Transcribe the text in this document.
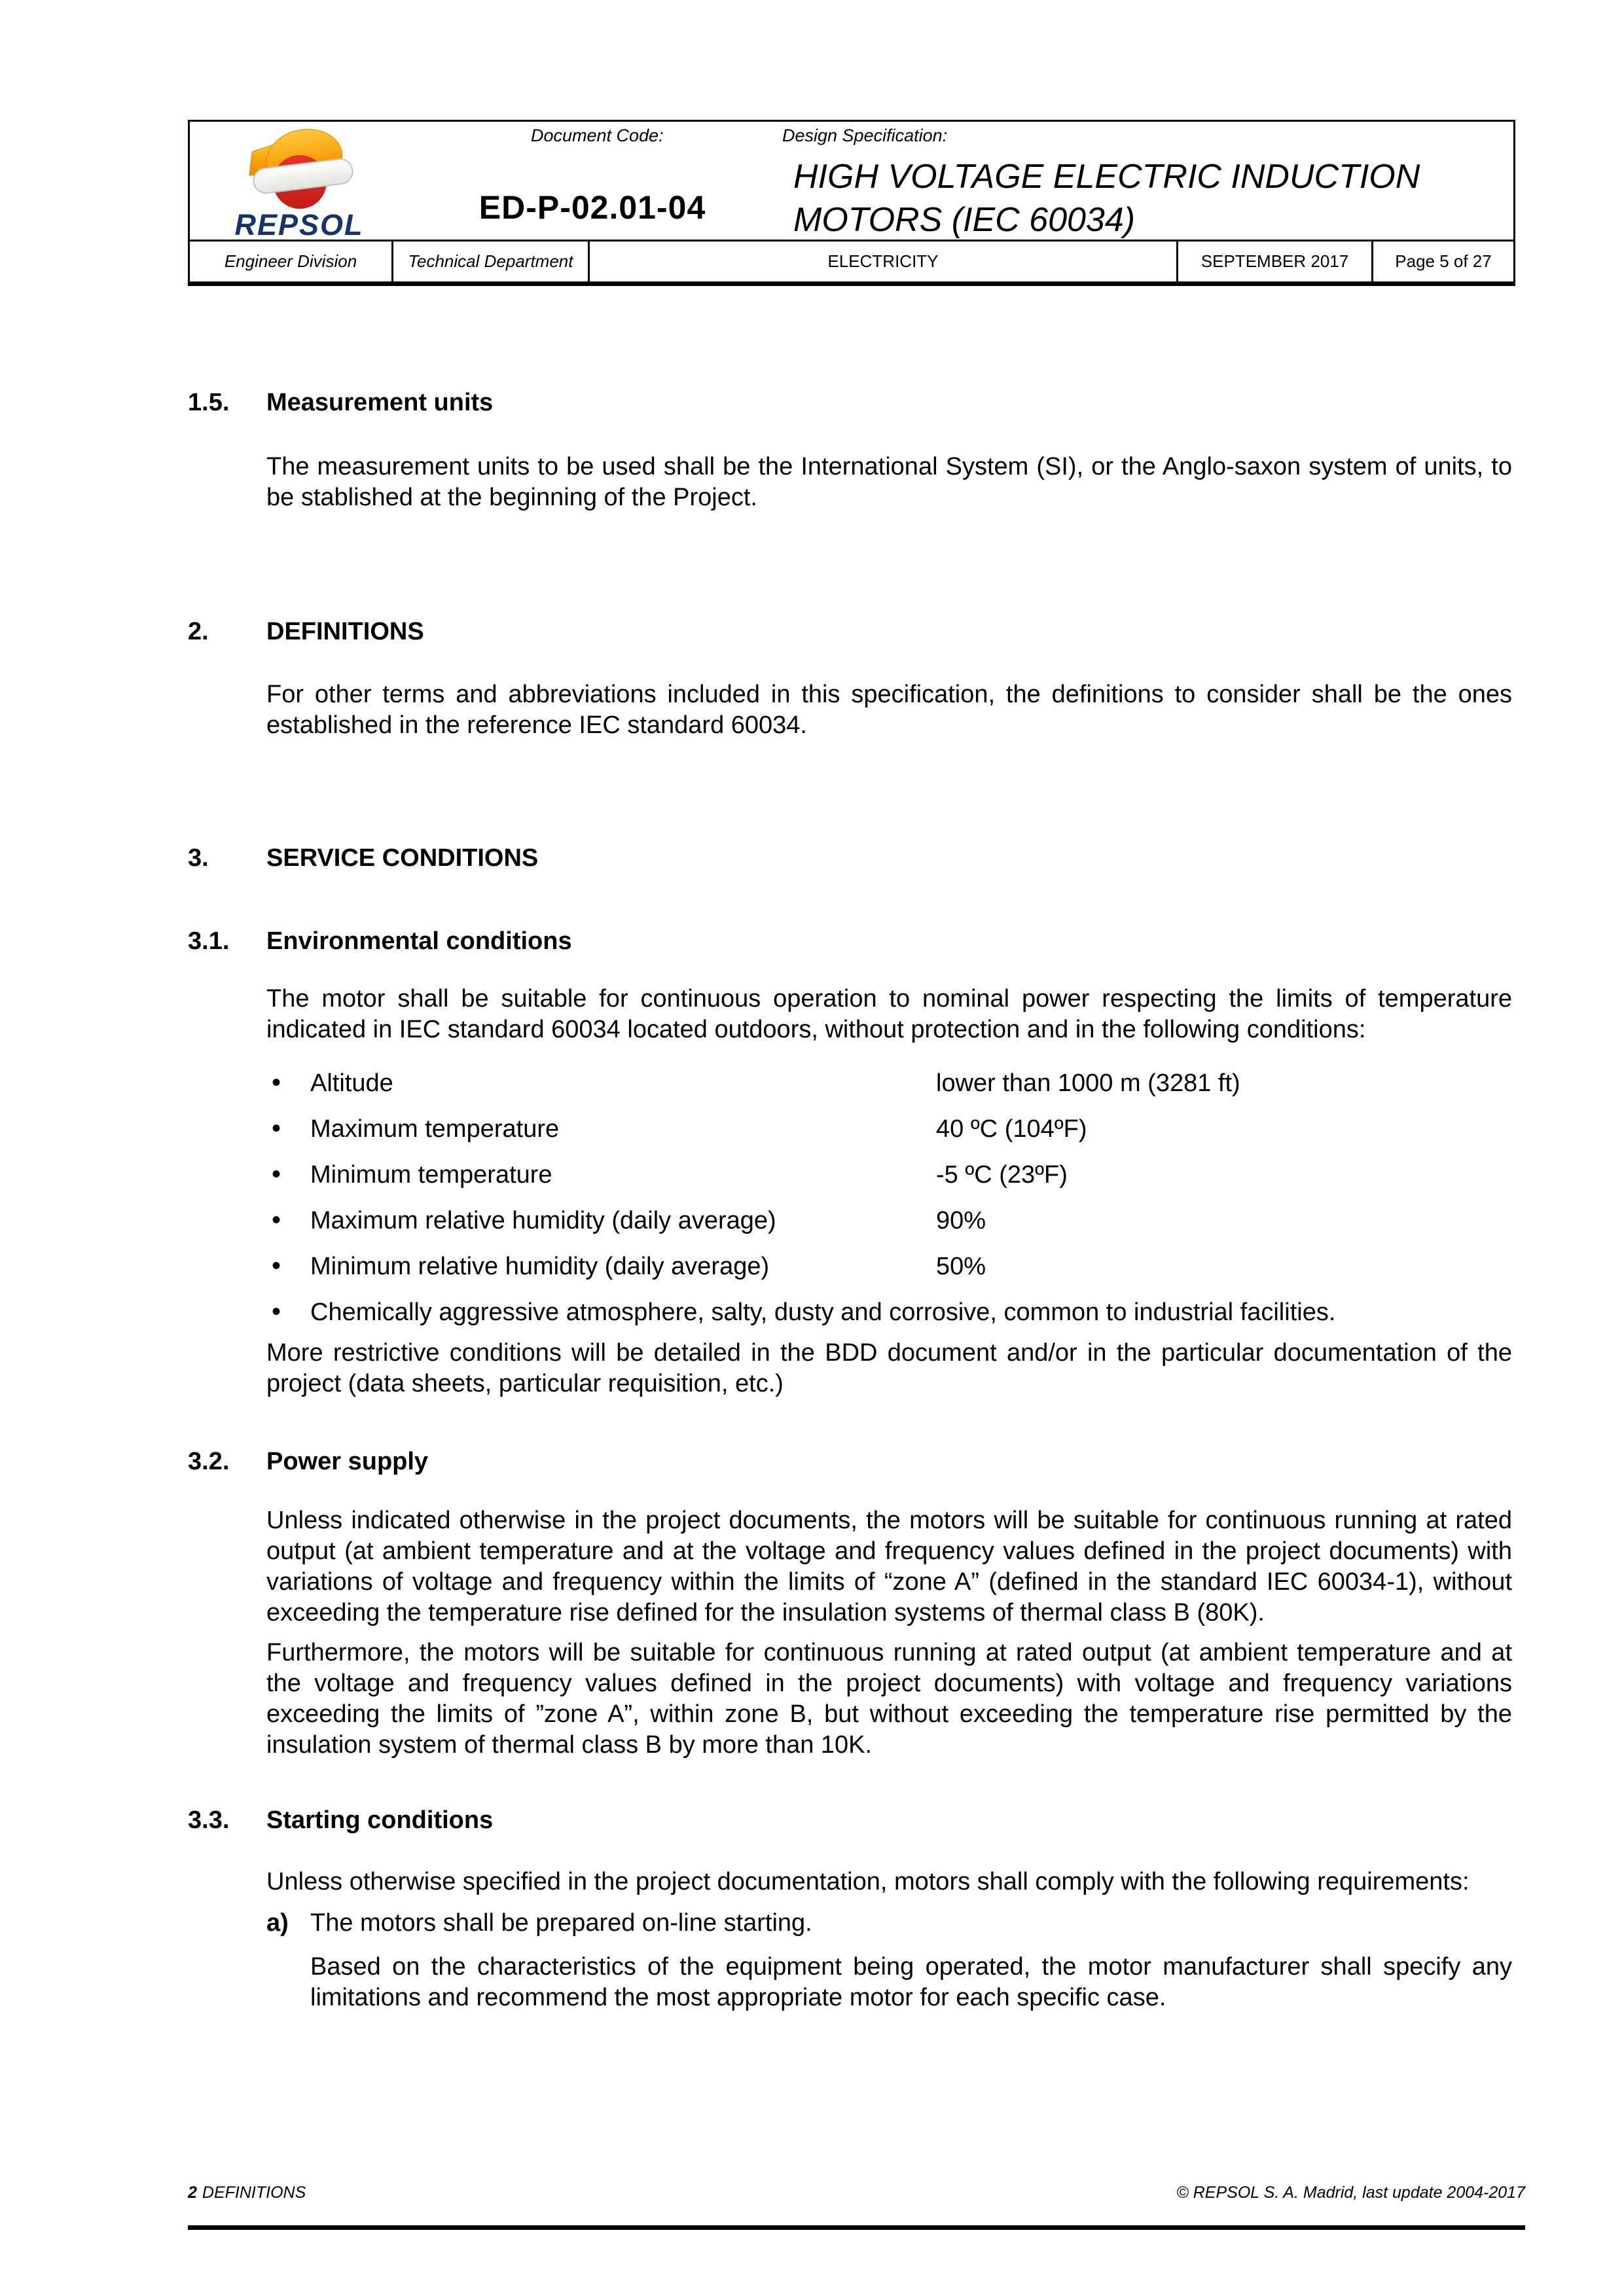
REPSOL
Document Code:
ED-P-02.01-04
Design Specification:
HIGH VOLTAGE ELECTRIC INDUCTION MOTORS (IEC 60034)
Engineer Division	Technical Department	ELECTRICITY	SEPTEMBER 2017	Page 5 of 27
1.5. Measurement units
The measurement units to be used shall be the International System (SI), or the Anglo-saxon system of units, to be stablished at the beginning of the Project.
2. DEFINITIONS
For other terms and abbreviations included in this specification, the definitions to consider shall be the ones established in the reference IEC standard 60034.
3. SERVICE CONDITIONS
3.1. Environmental conditions
The motor shall be suitable for continuous operation to nominal power respecting the limits of temperature indicated in IEC standard 60034 located outdoors, without protection and in the following conditions:
Altitude	lower than 1000 m (3281 ft)
Maximum temperature	40 ºC (104ºF)
Minimum temperature	-5 ºC (23ºF)
Maximum relative humidity (daily average)	90%
Minimum relative humidity (daily average)	50%
Chemically aggressive atmosphere, salty, dusty and corrosive, common to industrial facilities.
More restrictive conditions will be detailed in the BDD document and/or in the particular documentation of the project (data sheets, particular requisition, etc.)
3.2. Power supply
Unless indicated otherwise in the project documents, the motors will be suitable for continuous running at rated output (at ambient temperature and at the voltage and frequency values defined in the project documents) with variations of voltage and frequency within the limits of “zone A” (defined in the standard IEC 60034-1), without exceeding the temperature rise defined for the insulation systems of thermal class B (80K).
Furthermore, the motors will be suitable for continuous running at rated output (at ambient temperature and at the voltage and frequency values defined in the project documents) with voltage and frequency variations exceeding the limits of ”zone A”, within zone B, but without exceeding the temperature rise permitted by the insulation system of thermal class B by more than 10K.
3.3. Starting conditions
Unless otherwise specified in the project documentation, motors shall comply with the following requirements:
a) The motors shall be prepared on-line starting.
Based on the characteristics of the equipment being operated, the motor manufacturer shall specify any limitations and recommend the most appropriate motor for each specific case.
2 DEFINITIONS	© REPSOL S. A. Madrid, last update 2004-2017
